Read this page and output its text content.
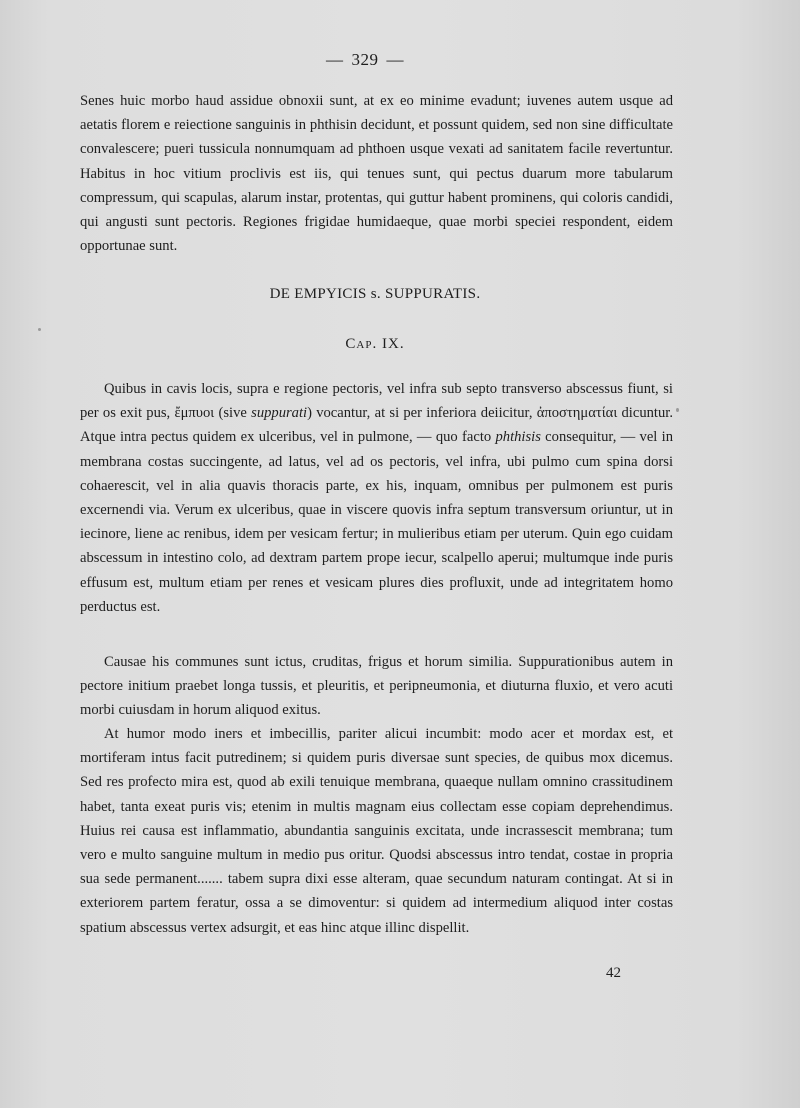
— 329 —

Senes huic morbo haud assidue obnoxii sunt, at ex eo minime evadunt; iuvenes autem usque ad aetatis florem e reiectione sanguinis in phthisin decidunt, et possunt quidem, sed non sine difficultate convalescere; pueri tussicula nonnumquam ad phthoen usque vexati ad sanitatem facile revertuntur. Habitus in hoc vitium proclivis est iis, qui tenues sunt, qui pectus duarum more tabularum compressum, qui scapulas, alarum instar, protentas, qui guttur habent prominens, qui coloris candidi, qui angusti sunt pectoris. Regiones frigidae humidaeque, quae morbi speciei respondent, eidem opportunae sunt.

DE EMPYICIS s. SUPPURATIS.
Cap. IX.

Quibus in cavis locis, supra e regione pectoris, vel infra sub septo transverso abscessus fiunt, si per os exit pus, ἔμπυοι (sive suppurati) vocantur, at si per inferiora deiicitur, ἀποστηματίαι dicuntur. Atque intra pectus quidem ex ulceribus, vel in pulmone, — quo facto phthisis consequitur, — vel in membrana costas succingente, ad latus, vel ad os pectoris, vel infra, ubi pulmo cum spina dorsi cohaerescit, vel in alia quavis thoracis parte, ex his, inquam, omnibus per pulmonem est puris excernendi via. Verum ex ulceribus, quae in viscere quovis infra septum transversum oriuntur, ut in iecinore, liene ac renibus, idem per vesicam fertur; in mulieribus etiam per uterum. Quin ego cuidam abscessum in intestino colo, ad dextram partem prope iecur, scalpello aperui; multumque inde puris effusum est, multum etiam per renes et vesicam plures dies profluxit, unde ad integritatem homo perductus est.

Causae his communes sunt ictus, cruditas, frigus et horum similia. Suppurationibus autem in pectore initium praebet longa tussis, et pleuritis, et peripneumonia, et diuturna fluxio, et vero acuti morbi cuiusdam in horum aliquod exitus.

At humor modo iners et imbecillis, pariter alicui incumbit: modo acer et mordax est, et mortiferam intus facit putredinem; si quidem puris diversae sunt species, de quibus mox dicemus. Sed res profecto mira est, quod ab exili tenuique membrana, quaeque nullam omnino crassitudinem habet, tanta exeat puris vis; etenim in multis magnam eius collectam esse copiam deprehendimus. Huius rei causa est inflammatio, abundantia sanguinis excitata, unde incrassescit membrana; tum vero e multo sanguine multum in medio pus oritur. Quodsi abscessus intro tendat, costae in propria sua sede permanent....... tabem supra dixi esse alteram, quae secundum naturam contingat. At si in exteriorem partem feratur, ossa a se dimoventur: si quidem ad intermedium aliquod inter costas spatium abscessus vertex adsurgit, et eas hinc atque illinc dispellit.

42
